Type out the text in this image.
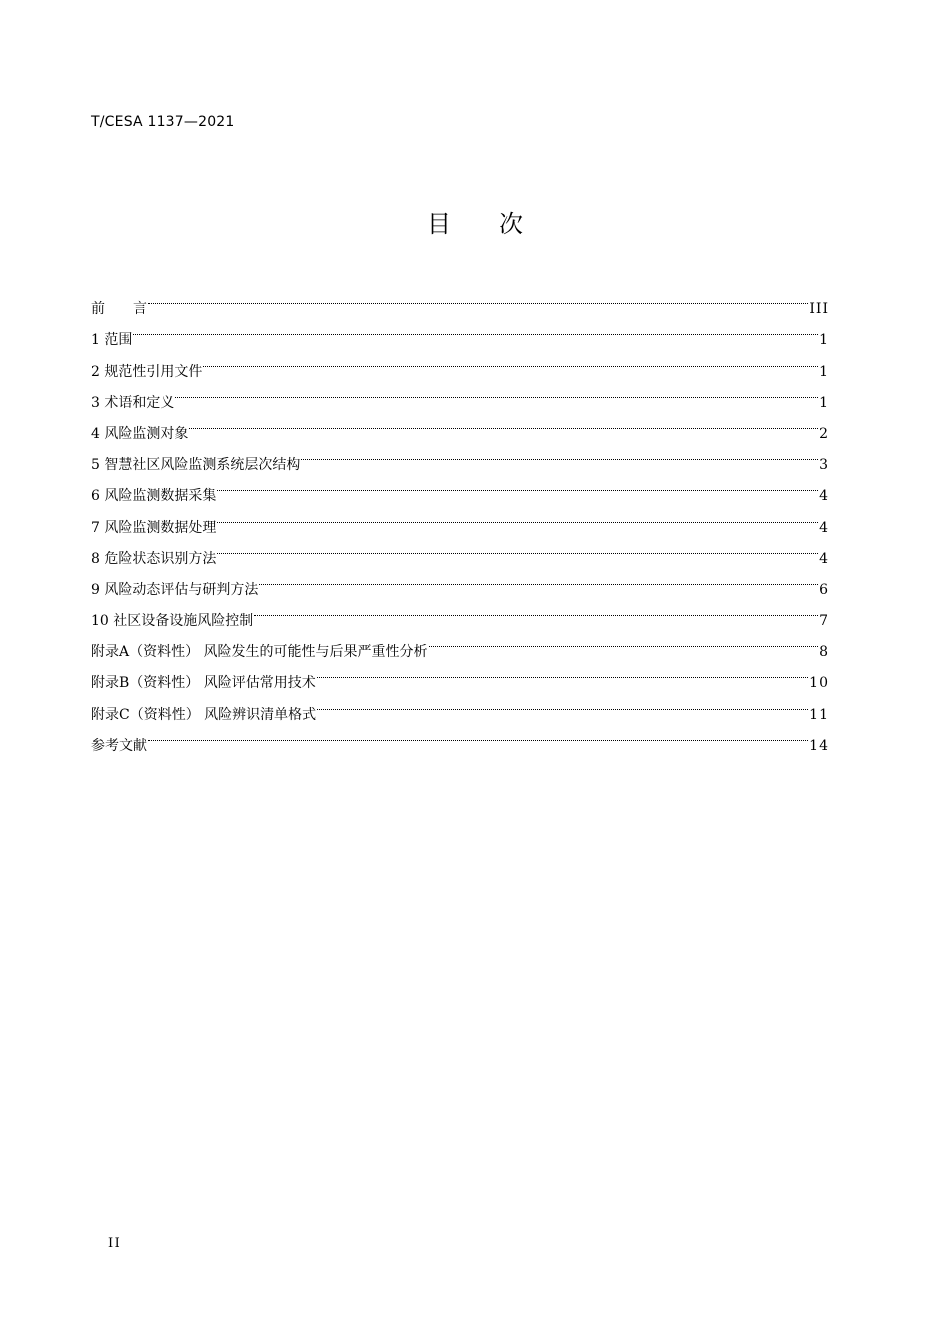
T/CESA 1137—2021
目 次
前 言	III
1 范围	1
2 规范性引用文件	1
3 术语和定义	1
4 风险监测对象	2
5 智慧社区风险监测系统层次结构	3
6 风险监测数据采集	4
7 风险监测数据处理	4
8 危险状态识别方法	4
9 风险动态评估与研判方法	6
10 社区设备设施风险控制	7
附录A（资料性） 风险发生的可能性与后果严重性分析	8
附录B（资料性） 风险评估常用技术	10
附录C（资料性） 风险辨识清单格式	11
参考文献	14
II
